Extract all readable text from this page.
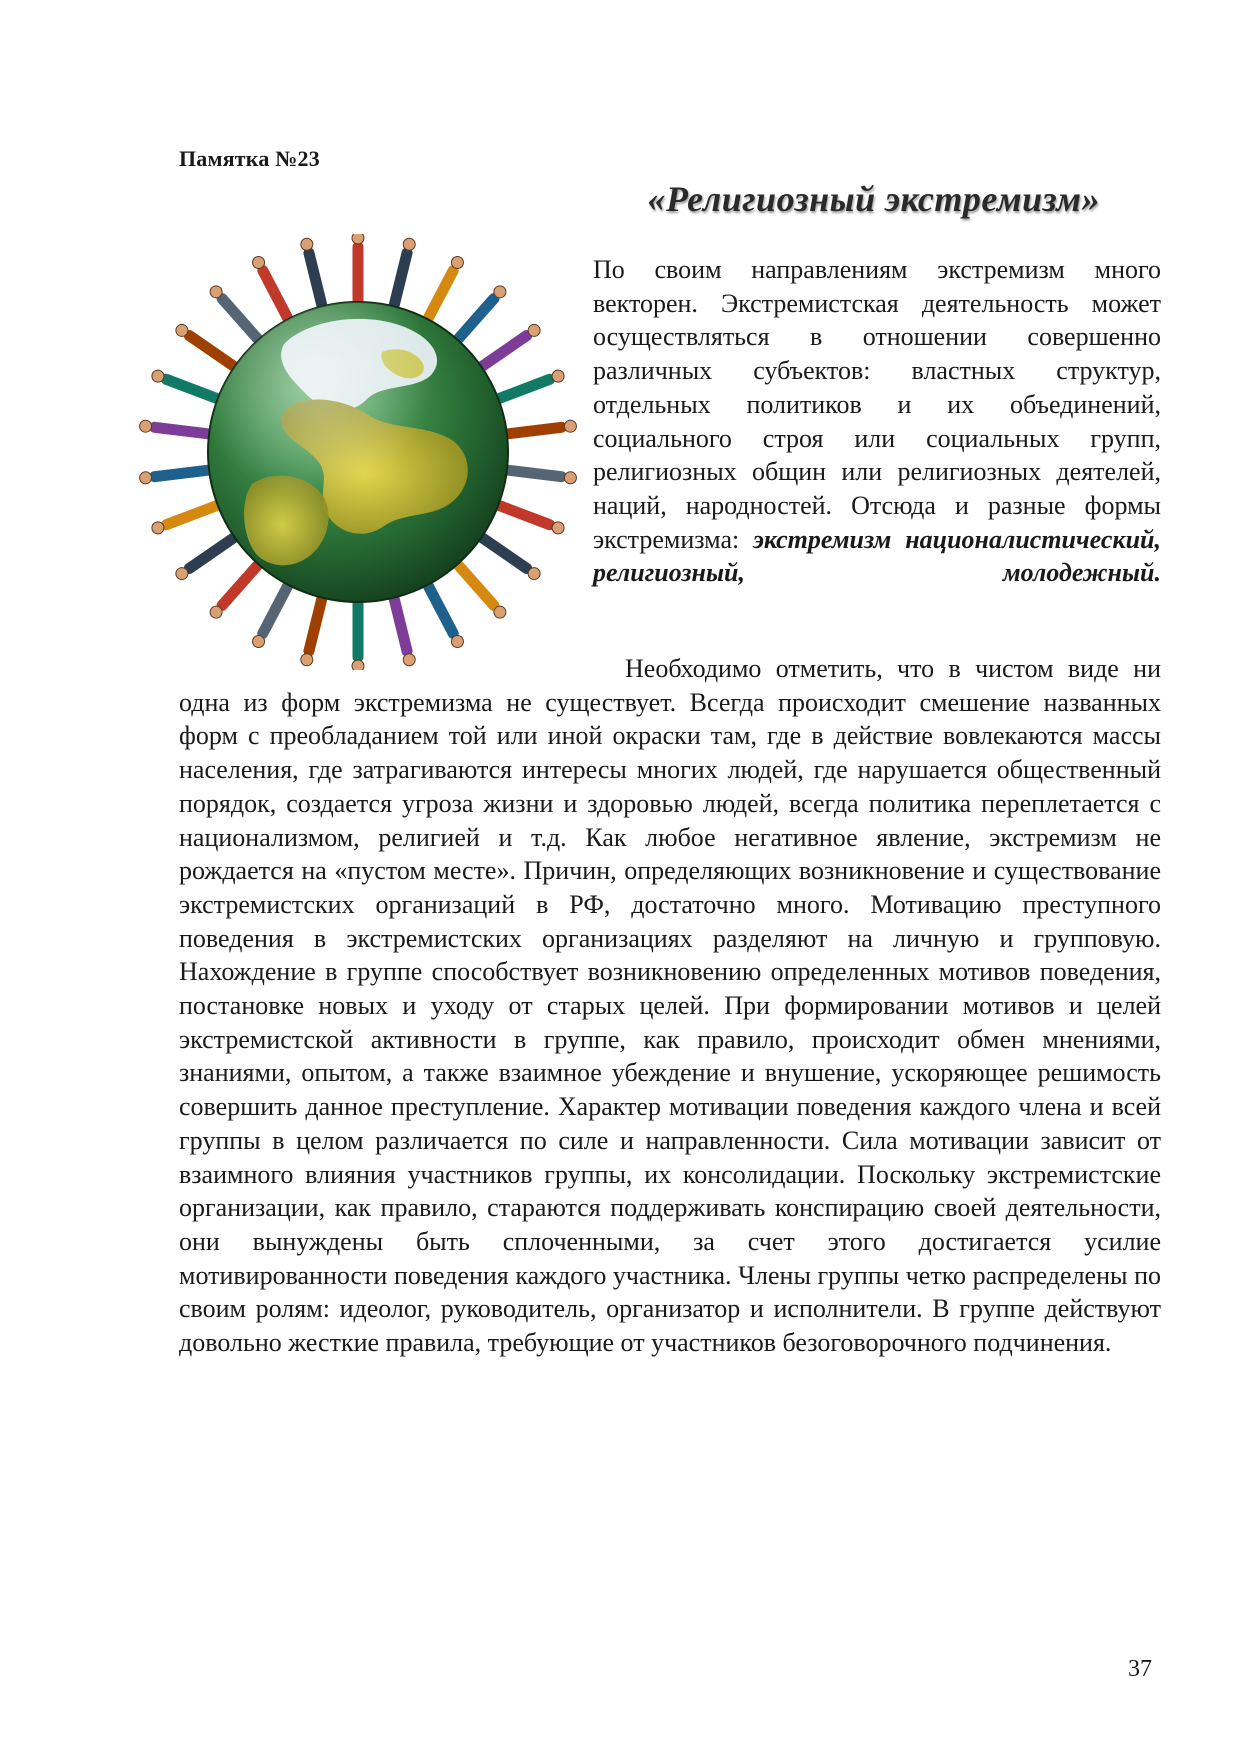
Памятка №23
«Религиозный экстремизм»

По своим направлениям экстремизм много векторен. Экстремистская деятельность может осуществляться в отношении совершенно различных субъектов: властных структур, отдельных политиков и их объединений, социального строя или социальных групп, религиозных общин или религиозных деятелей, наций, народностей. Отсюда и разные формы экстремизма: экстремизм националистический, религиозный, молодежный.

Необходимо отметить, что в чистом виде ни одна из форм экстремизма не существует. Всегда происходит смешение названных форм с преобладанием той или иной окраски там, где в действие вовлекаются массы населения, где затрагиваются интересы многих людей, где нарушается общественный порядок, создается угроза жизни и здоровью людей, всегда политика переплетается с национализмом, религией и т.д. Как любое негативное явление, экстремизм не рождается на «пустом месте». Причин, определяющих возникновение и существование экстремистских организаций в РФ, достаточно много. Мотивацию преступного поведения в экстремистских организациях разделяют на личную и групповую. Нахождение в группе способствует возникновению определенных мотивов поведения, постановке новых и уходу от старых целей. При формировании мотивов и целей экстремистской активности в группе, как правило, происходит обмен мнениями, знаниями, опытом, а также взаимное убеждение и внушение, ускоряющее решимость совершить данное преступление. Характер мотивации поведения каждого члена и всей группы в целом различается по силе и направленности. Сила мотивации зависит от взаимного влияния участников группы, их консолидации. Поскольку экстремистские организации, как правило, стараются поддерживать конспирацию своей деятельности, они вынуждены быть сплоченными, за счет этого достигается усилие мотивированности поведения каждого участника. Члены группы четко распределены по своим ролям: идеолог, руководитель, организатор и исполнители. В группе действуют довольно жесткие правила, требующие от участников безоговорочного подчинения.

37
